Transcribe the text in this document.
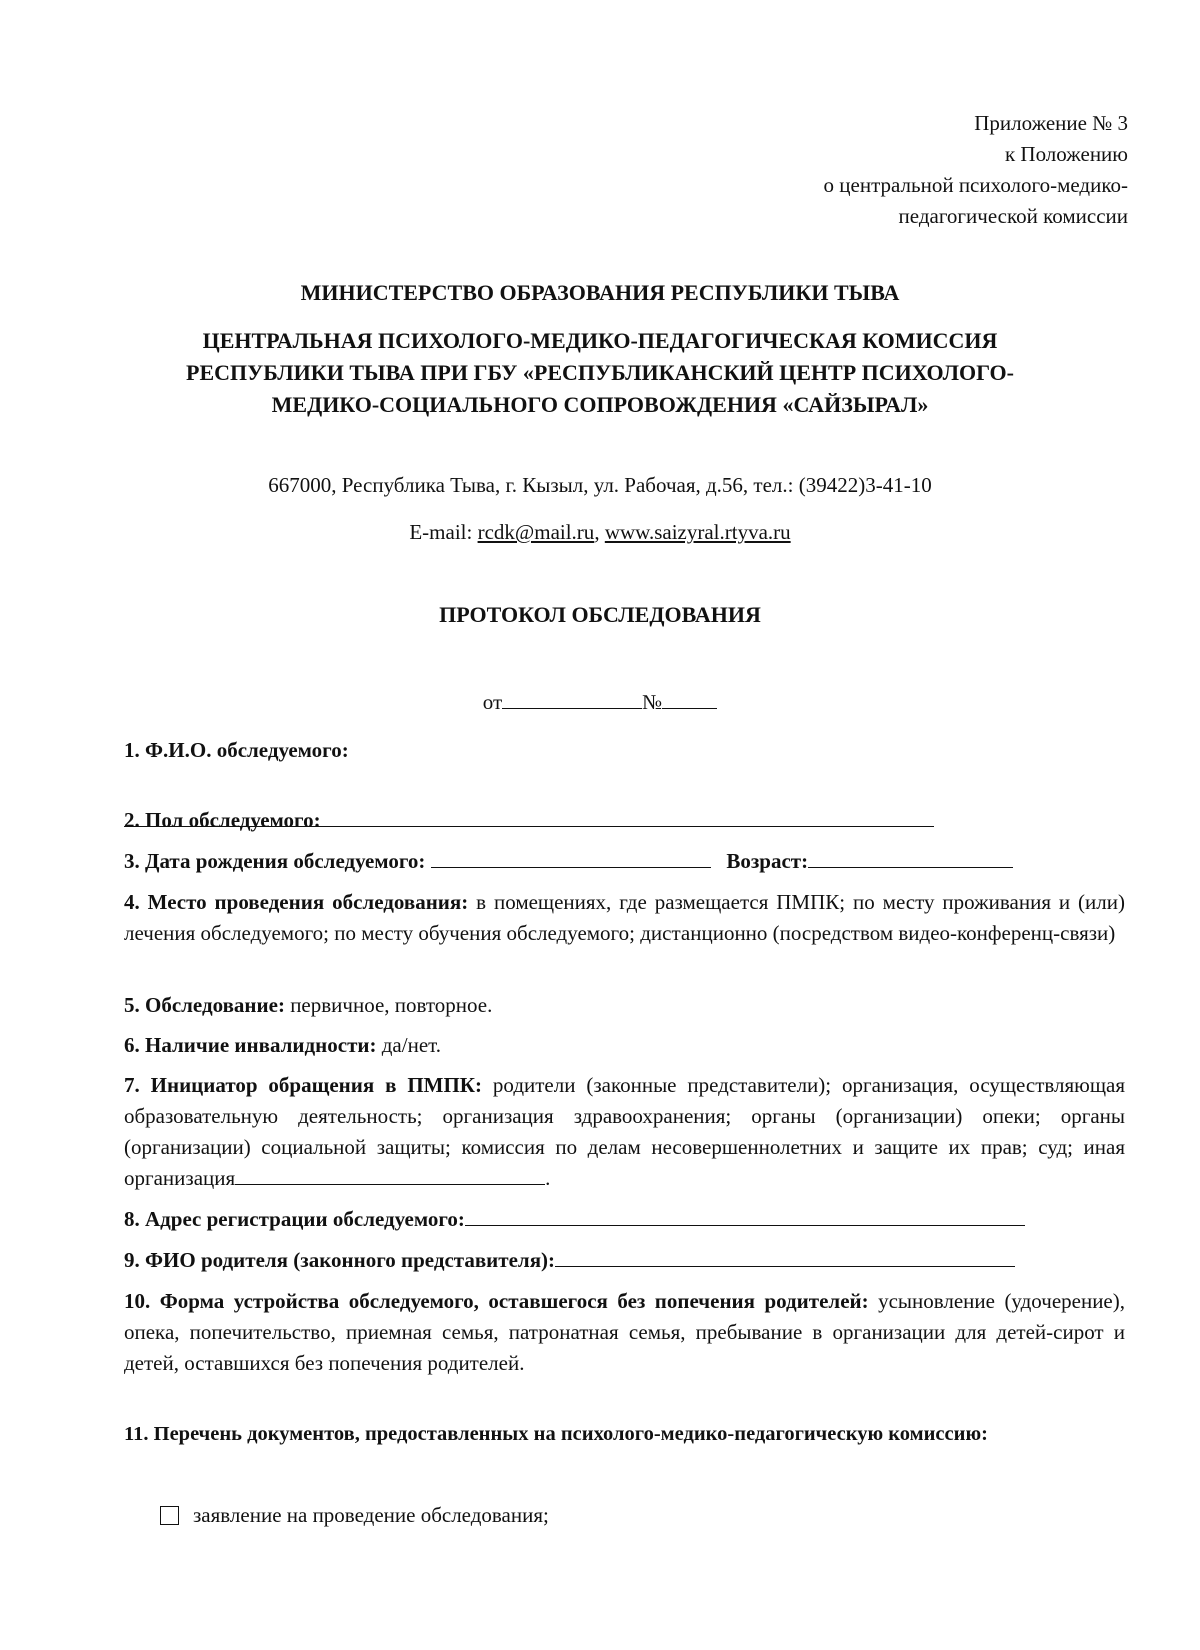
Приложение № 3
к Положению
о центральной психолого-медико-
педагогической комиссии
МИНИСТЕРСТВО ОБРАЗОВАНИЯ РЕСПУБЛИКИ ТЫВА
ЦЕНТРАЛЬНАЯ ПСИХОЛОГО-МЕДИКО-ПЕДАГОГИЧЕСКАЯ КОМИССИЯ
РЕСПУБЛИКИ ТЫВА ПРИ ГБУ «РЕСПУБЛИКАНСКИЙ ЦЕНТР ПСИХОЛОГО-
МЕДИКО-СОЦИАЛЬНОГО СОПРОВОЖДЕНИЯ «САЙЗЫРАЛ»
667000, Республика Тыва, г. Кызыл, ул. Рабочая, д.56, тел.: (39422)3-41-10
E-mail: rcdk@mail.ru, www.saizyral.rtyva.ru
ПРОТОКОЛ ОБСЛЕДОВАНИЯ
от	№
1. Ф.И.О. обследуемого:
2. Пол обследуемого:
3. Дата рождения обследуемого:	Возраст:
4. Место проведения обследования: в помещениях, где размещается ПМПК; по месту проживания и (или) лечения обследуемого; по месту обучения обследуемого; дистанционно (посредством видео-конференц-связи)
5. Обследование: первичное, повторное.
6. Наличие инвалидности: да/нет.
7. Инициатор обращения в ПМПК: родители (законные представители); организация, осуществляющая образовательную деятельность; организация здравоохранения; органы (организации) опеки; органы (организации) социальной защиты; комиссия по делам несовершеннолетних и защите их прав; суд; иная организация	.
8. Адрес регистрации обследуемого:
9. ФИО родителя (законного представителя):
10. Форма устройства обследуемого, оставшегося без попечения родителей: усыновление (удочерение), опека, попечительство, приемная семья, патронатная семья, пребывание в организации для детей-сирот и детей, оставшихся без попечения родителей.
11. Перечень документов, предоставленных на психолого-медико-педагогическую комиссию:
заявление на проведение обследования;
